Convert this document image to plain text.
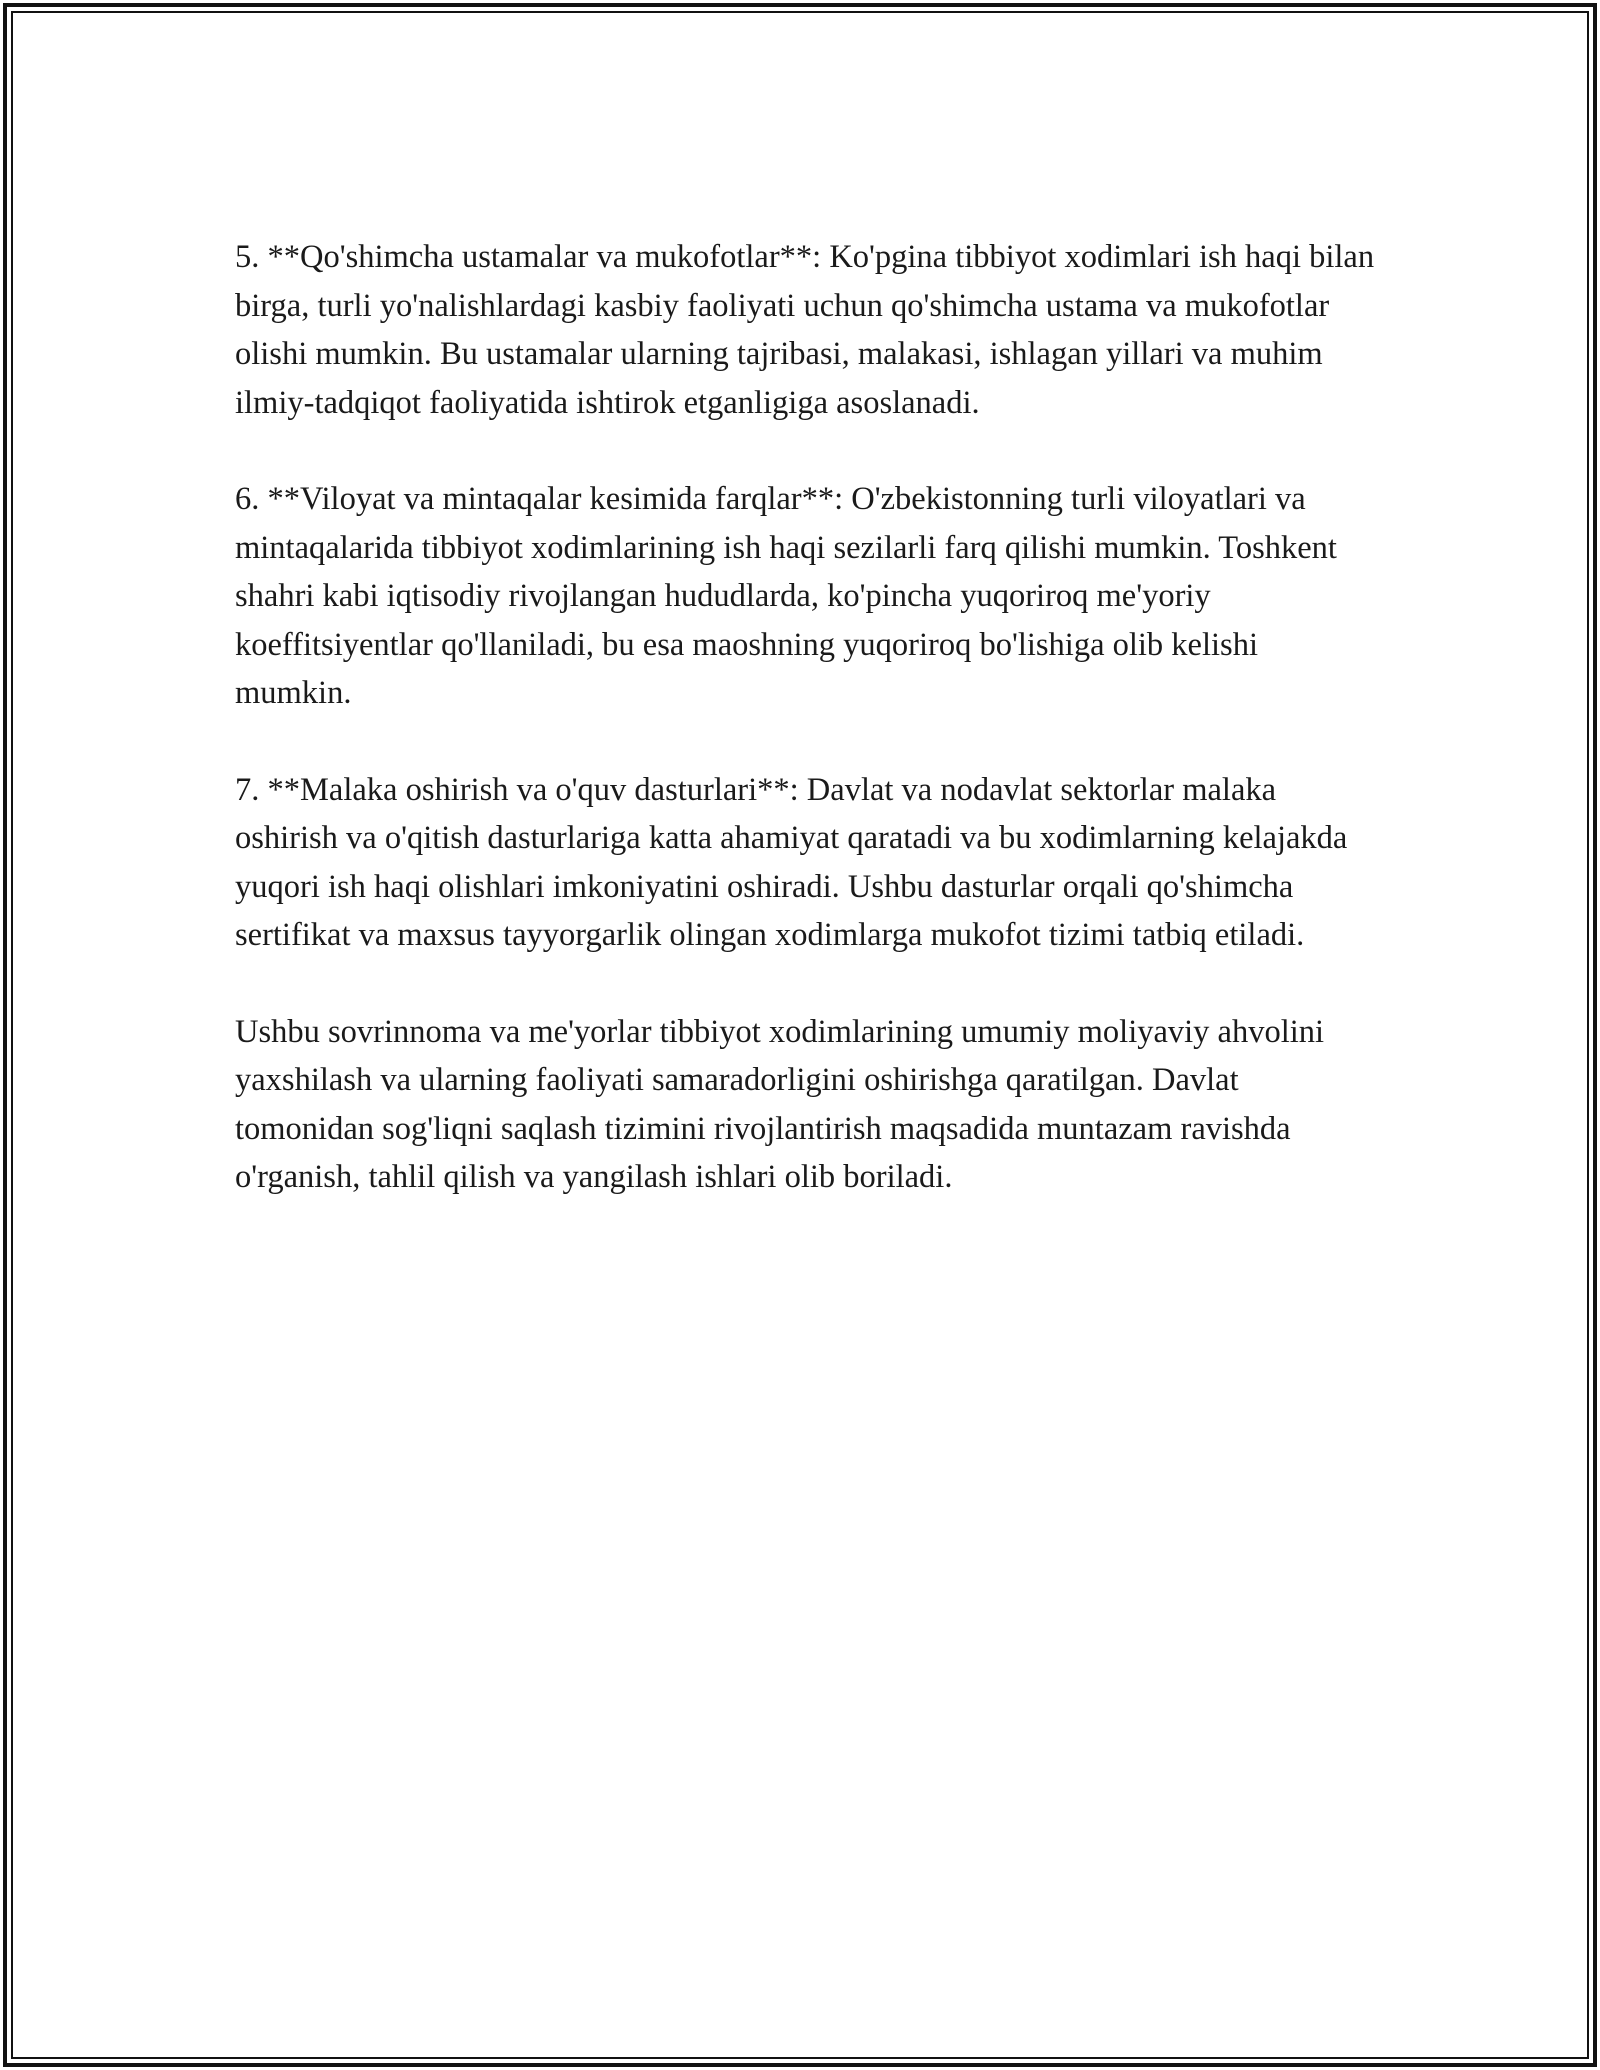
5. **Qo'shimcha ustamalar va mukofotlar**: Ko'pgina tibbiyot xodimlari ish haqi bilan birga, turli yo'nalishlardagi kasbiy faoliyati uchun qo'shimcha ustama va mukofotlar olishi mumkin. Bu ustamalar ularning tajribasi, malakasi, ishlagan yillari va muhim ilmiy-tadqiqot faoliyatida ishtirok etganligiga asoslanadi.

6. **Viloyat va mintaqalar kesimida farqlar**: O'zbekistonning turli viloyatlari va mintaqalarida tibbiyot xodimlarining ish haqi sezilarli farq qilishi mumkin. Toshkent shahri kabi iqtisodiy rivojlangan hududlarda, ko'pincha yuqoriroq me'yoriy koeffitsiyentlar qo'llaniladi, bu esa maoshning yuqoriroq bo'lishiga olib kelishi mumkin.

7. **Malaka oshirish va o'quv dasturlari**: Davlat va nodavlat sektorlar malaka oshirish va o'qitish dasturlariga katta ahamiyat qaratadi va bu xodimlarning kelajakda yuqori ish haqi olishlari imkoniyatini oshiradi. Ushbu dasturlar orqali qo'shimcha sertifikat va maxsus tayyorgarlik olingan xodimlarga mukofot tizimi tatbiq etiladi.

Ushbu sovrinnoma va me'yorlar tibbiyot xodimlarining umumiy moliyaviy ahvolini yaxshilash va ularning faoliyati samaradorligini oshirishga qaratilgan. Davlat tomonidan sog'liqni saqlash tizimini rivojlantirish maqsadida muntazam ravishda o'rganish, tahlil qilish va yangilash ishlari olib boriladi.
